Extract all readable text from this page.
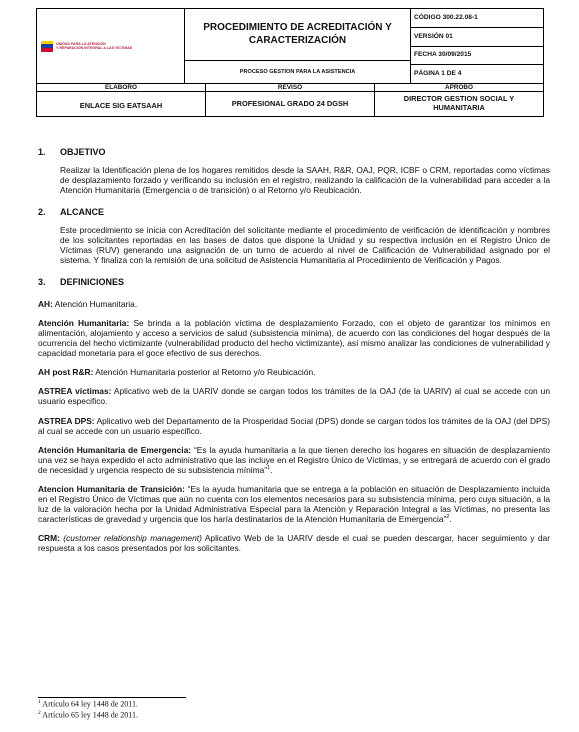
UNIDAD PARA LA ATENCIÓN
Y REPARACIÓN INTEGRAL A LAS VÍCTIMAS
PROCEDIMIENTO DE ACREDITACIÓN Y CARACTERIZACIÓN
PROCESO GESTION PARA LA ASISTENCIA
CÓDIGO 300.22.08-1
VERSIÓN 01
FECHA 30/09/2015
PÁGINA 1 DE 4
ELABORÓ	REVISÓ	APROBO
ENLACE SIG EATSAAH	PROFESIONAL GRADO 24 DGSH	DIRECTOR GESTION SOCIAL Y HUMANITARIA
1.	OBJETIVO

Realizar la Identificación plena de los hogares remitidos desde la SAAH, R&R, OAJ, PQR, ICBF o CRM, reportadas como víctimas de desplazamiento forzado y verificando su inclusión en el registro, realizando la calificación de la vulnerabilidad para acceder a la Atención Humanitaria (Emergencia o de transición) o al Retorno y/o Reubicación.

2.	ALCANCE

Este procedimiento se inicia con Acreditación del solicitante mediante el procedimiento de verificación de identificación y nombres de los solicitantes reportadas en las bases de datos que dispone la Unidad y su respectiva inclusión en el Registro Único de Víctimas (RUV) generando una asignación de un turno de acuerdo al nivel de Calificación de Vulnerabilidad asignado por el sistema. Y finaliza con la remisión de una solicitud de Asistencia Humanitaria al Procedimiento de Verificación y Pagos.

3.	DEFINICIONES

AH: Atención Humanitaria.

Atención Humanitaria: Se brinda a la población víctima de desplazamiento Forzado, con el objeto de garantizar los mínimos en alimentación, alojamiento y acceso a servicios de salud (subsistencia mínima), de acuerdo con las condiciones del hogar después de la ocurrencia del hecho victimizante (vulnerabilidad producto del hecho victimizante), así mismo analizar las condiciones de vulnerabilidad y capacidad monetaria para el goce efectivo de sus derechos.

AH post R&R: Atención Humanitaria posterior al Retorno y/o Reubicación.

ASTREA víctimas: Aplicativo web de la UARIV donde se cargan todos los trámites de la OAJ (de la UARIV) al cual se accede con un usuario especifico.

ASTREA DPS: Aplicativo web del Departamento de la Prosperidad Social (DPS) donde se cargan todos los trámites de la OAJ (del DPS) al cual se accede con un usuario especifico.

Atención Humanitaria de Emergencia: “Es la ayuda humanitaria a la que tienen derecho los hogares en situación de desplazamiento una vez se haya expedido el acto administrativo que las incluye en el Registro Único de Víctimas, y se entregará de acuerdo con el grado de necesidad y urgencia respecto de su subsistencia mínima”$^1$.

Atencion Humanitaria de Transición: “Es la ayuda humanitaria que se entrega a la población en situación de Desplazamiento incluida en el Registro Único de Víctimas que aún no cuenta con los elementos necesarios para su subsistencia mínima, pero cuya situación, a la luz de la valoración hecha por la Unidad Administrativa Especial para la Atención y Reparación Integral a las Víctimas, no presenta las características de gravedad y urgencia que los haría destinatarios de la Atención Humanitaria de Emergencia”$^2$.

CRM: (customer relationship management) Aplicativo Web de la UARIV desde el cual se pueden descargar, hacer seguimiento y dar respuesta a los casos presentados por los solicitantes.

$^1$ Artículo 64 ley 1448 de 2011.
$^2$ Artículo 65 ley 1448 de 2011.
